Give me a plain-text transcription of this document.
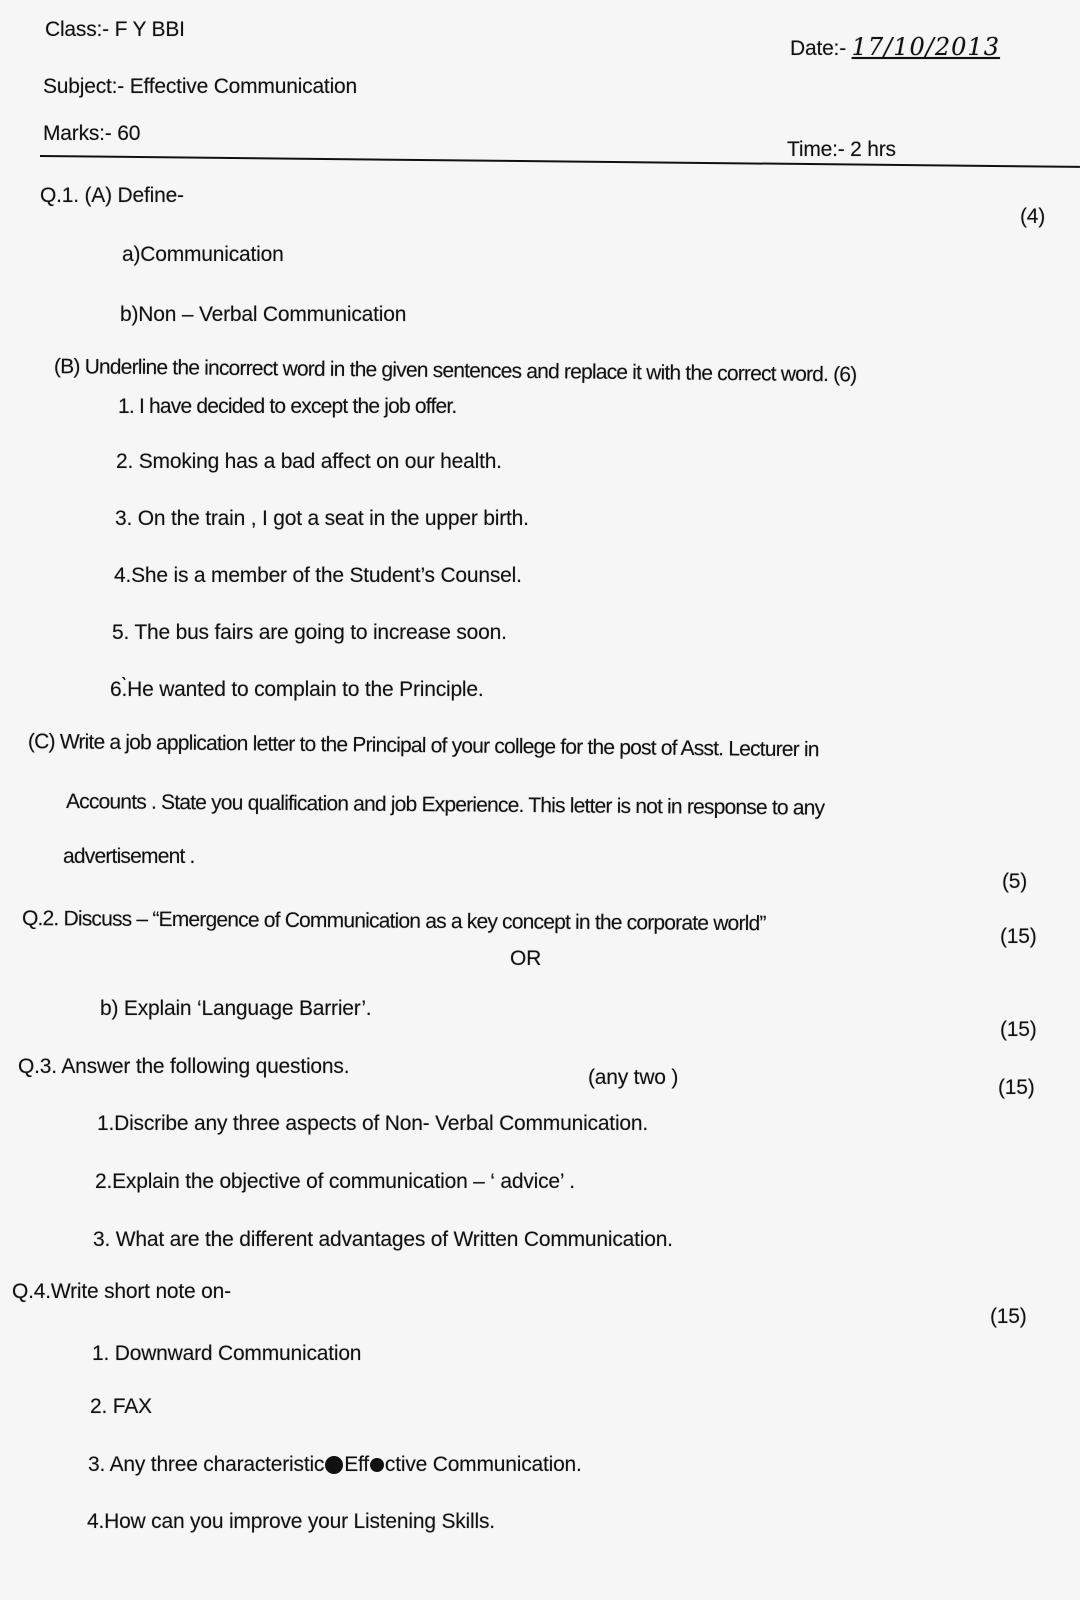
Class:- F Y BBI
Subject:- Effective Communication
Marks:- 60
Date:- 17/10/2013
Time:- 2 hrs
Q.1. (A) Define-
(4)
a)Communication
b)Non – Verbal Communication
(B) Underline the incorrect word in the given sentences and replace it with the correct word. (6)
1. I have decided to except the job offer.
2. Smoking has a bad affect on our health.
3. On the train , I got a seat in the upper birth.
4.She is a member of the Student’s Counsel.
5. The bus fairs are going to increase soon.
6.̀He wanted to complain to the Principle.
(C) Write a job application letter to the Principal of your college for the post of Asst. Lecturer in
Accounts . State you qualification and job Experience. This letter is not in response to any
advertisement .
(5)
Q.2. Discuss – “Emergence of Communication as a key concept in the corporate world”
(15)
OR
b) Explain ‘Language Barrier’.
(15)
Q.3. Answer the following questions.	(any two )	(15)
1.Discribe any three aspects of Non- Verbal Communication.
2.Explain the objective of communication – ‘ advice’ .
3. What are the different advantages of Written Communication.
Q.4.Write short note on-
(15)
1. Downward Communication
2. FAX
3. Any three characteristic Eff ctive Communication.
4.How can you improve your Listening Skills.
